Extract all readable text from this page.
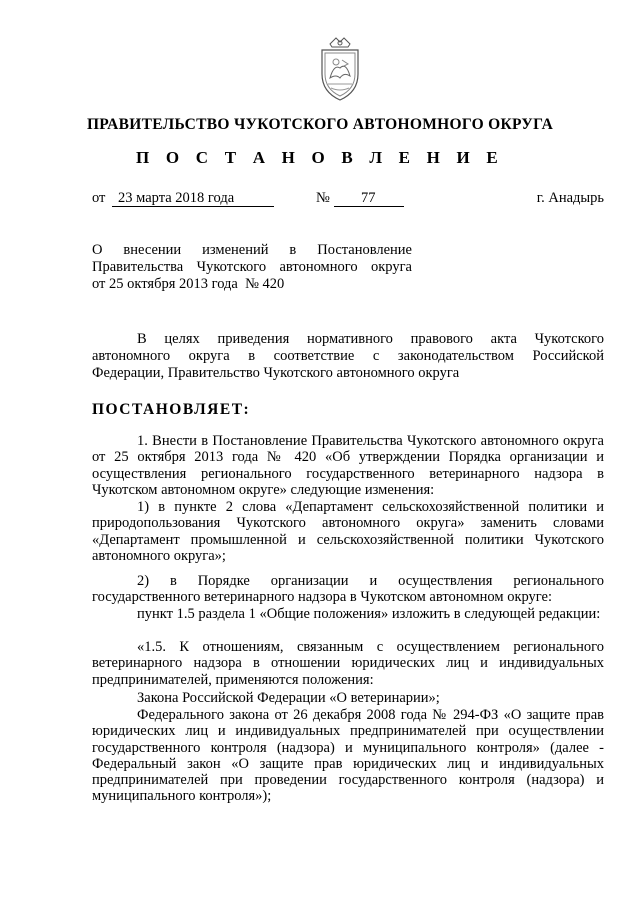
ПРАВИТЕЛЬСТВО ЧУКОТСКОГО АВТОНОМНОГО ОКРУГА
П О С Т А Н О В Л Е Н И Е
от 23 марта 2018 года	№ 77	г. Анадырь
О     внесении     изменений     в     Постановление
Правительства  Чукотского  автономного  округа
от 25 октября 2013 года  № 420
В  целях  приведения  нормативного  правового  акта  Чукотского
автономного  округа  в  соответствие  с  законодательством  Российской
Федерации, Правительство Чукотского автономного округа
ПОСТАНОВЛЯЕТ:
1. Внести в Постановление Правительства Чукотского автономного округа от 25 октября 2013 года № 420 «Об утверждении Порядка организации и осуществления регионального государственного ветеринарного надзора в Чукотском автономном округе» следующие изменения:
1) в пункте 2 слова «Департамент сельскохозяйственной политики и природопользования Чукотского автономного округа» заменить словами «Департамент промышленной и сельскохозяйственной политики Чукотского автономного округа»;
2) в Порядке организации и осуществления регионального государственного ветеринарного надзора в Чукотском автономном округе:
пункт 1.5 раздела 1 «Общие положения» изложить в следующей редакции:
«1.5. К отношениям, связанным с осуществлением регионального ветеринарного надзора в отношении юридических лиц и индивидуальных предпринимателей, применяются положения:
Закона Российской Федерации «О ветеринарии»;
Федерального закона от 26 декабря 2008 года № 294-ФЗ «О защите прав юридических лиц и индивидуальных предпринимателей при осуществлении государственного контроля (надзора) и муниципального контроля» (далее - Федеральный закон «О защите прав юридических лиц и индивидуальных предпринимателей при проведении государственного контроля (надзора) и муниципального контроля»);
